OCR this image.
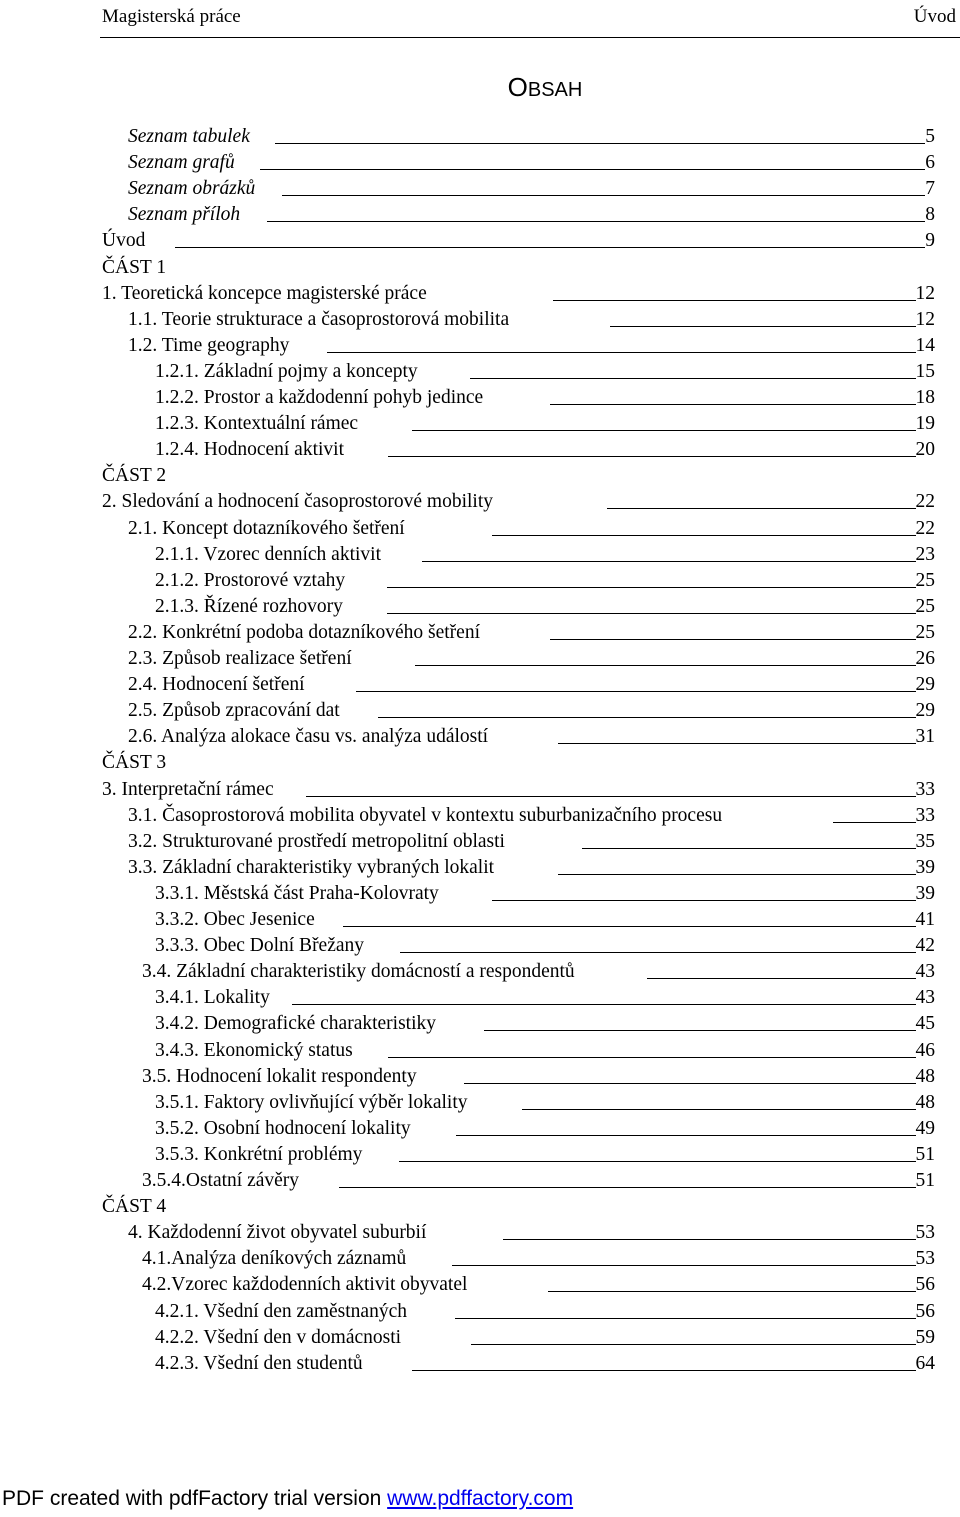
Magisterská práce	Úvod
OBSAH
Seznam tabulek	5
Seznam grafů	6
Seznam obrázků	7
Seznam příloh	8
Úvod	9
ČÁST 1
1. Teoretická koncepce magisterské práce	12
1.1. Teorie strukturace a časoprostorová mobilita	12
1.2. Time geography	14
1.2.1. Základní pojmy a koncepty	15
1.2.2. Prostor a každodenní pohyb jedince	18
1.2.3. Kontextuální rámec	19
1.2.4. Hodnocení aktivit	20
ČÁST 2
2. Sledování a hodnocení časoprostorové mobility	22
2.1. Koncept dotazníkového šetření	22
2.1.1. Vzorec denních aktivit	23
2.1.2. Prostorové vztahy	25
2.1.3. Řízené rozhovory	25
2.2. Konkrétní podoba dotazníkového šetření	25
2.3. Způsob realizace šetření	26
2.4. Hodnocení šetření	29
2.5. Způsob zpracování dat	29
2.6. Analýza alokace času vs. analýza událostí	31
ČÁST 3
3. Interpretační rámec	33
3.1. Časoprostorová mobilita obyvatel v kontextu suburbanizačního procesu	33
3.2. Strukturované prostředí metropolitní oblasti	35
3.3. Základní charakteristiky vybraných lokalit	39
3.3.1. Městská část Praha-Kolovraty	39
3.3.2. Obec Jesenice	41
3.3.3. Obec Dolní Břežany	42
3.4. Základní charakteristiky domácností a respondentů	43
3.4.1. Lokality	43
3.4.2. Demografické charakteristiky	45
3.4.3. Ekonomický status	46
3.5. Hodnocení lokalit respondenty	48
3.5.1. Faktory ovlivňující výběr lokality	48
3.5.2. Osobní hodnocení lokality	49
3.5.3. Konkrétní problémy	51
3.5.4.Ostatní závěry	51
ČÁST 4
4. Každodenní život obyvatel suburbií	53
4.1.Analýza deníkových záznamů	53
4.2.Vzorec každodenních aktivit obyvatel	56
4.2.1. Všední den zaměstnaných	56
4.2.2. Všední den v domácnosti	59
4.2.3. Všední den studentů	64
PDF created with pdfFactory trial version www.pdffactory.com
